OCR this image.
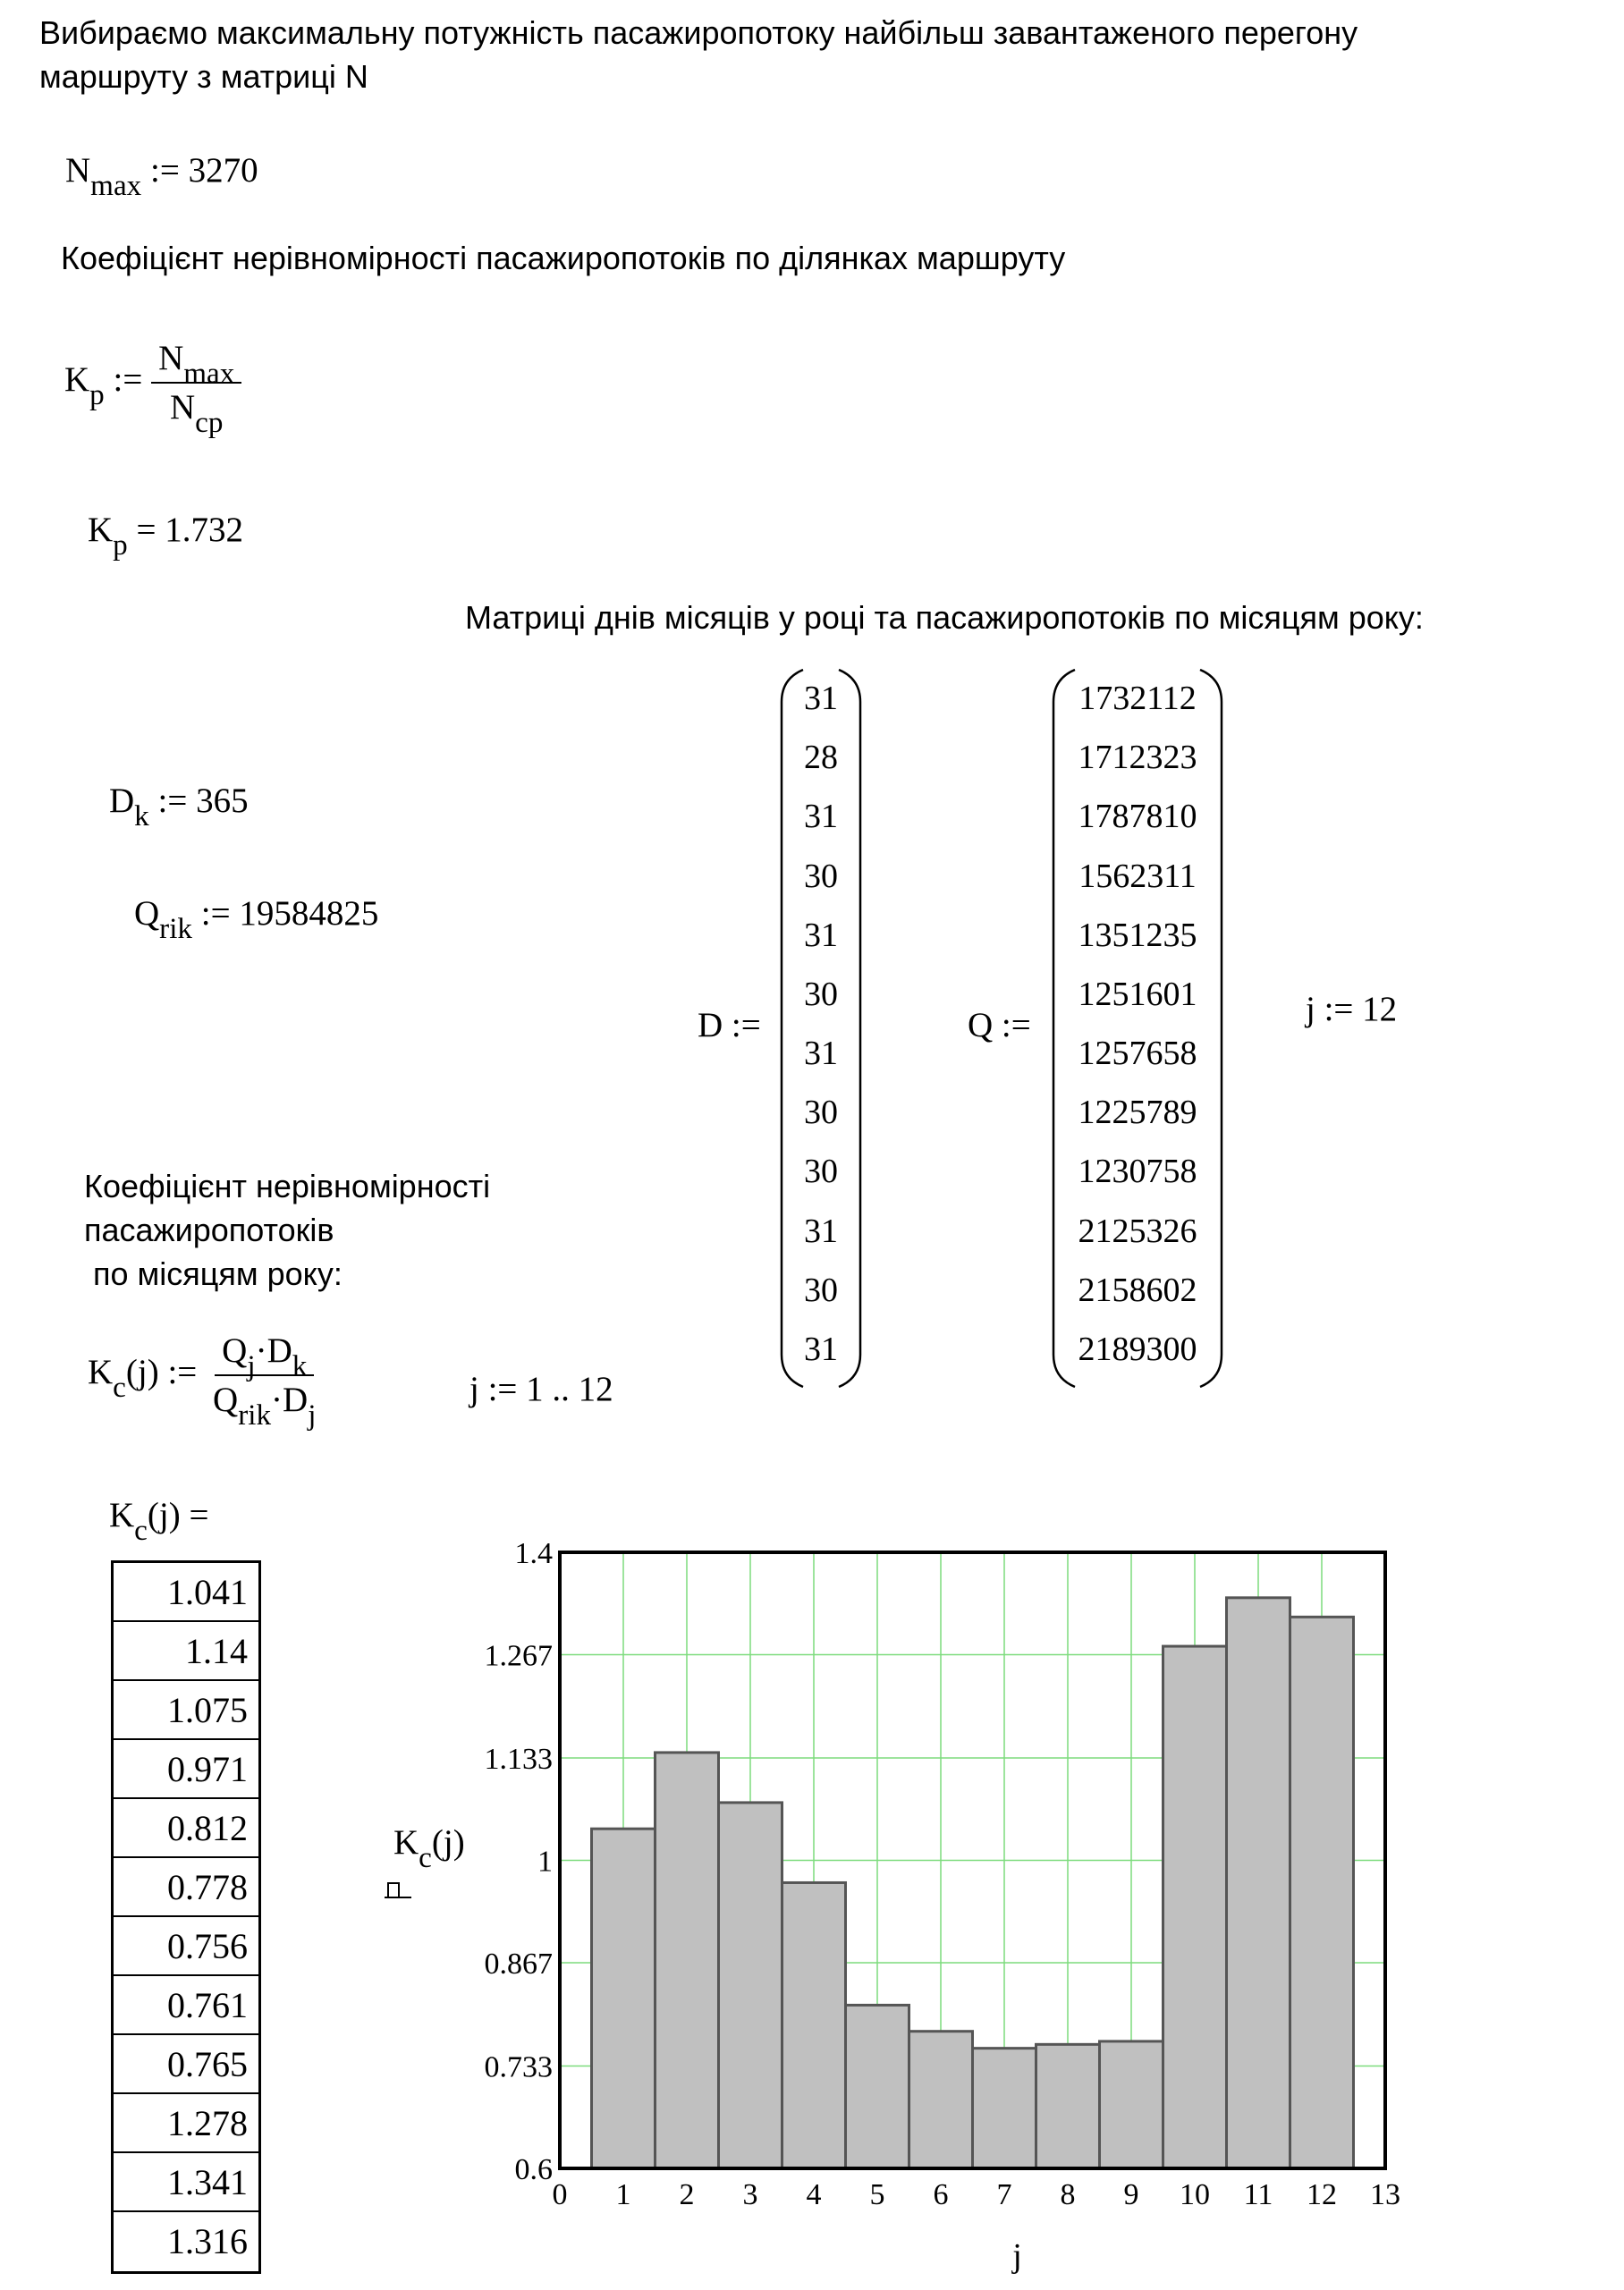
Вибираємо максимальну потужність пасажиропотоку найбільш завантаженого перегону
маршруту з матриці N
$N_{max}$ := 3270
Коефіцієнт нерівномірності пасажиропотоків по ділянках маршруту
$K_p$ := $\frac{N_{max}}{N_{cp}}$
$K_p = 1.732$
Матриці днів місяців у році та пасажиропотоків по місяцям року:
$D_k$ := 365
$Q_{rik}$ := 19584825
D :=
31
28
31
30
31
30
31
30
30
31
30
31
Q :=
1732112
1712323
1787810
1562311
1351235
1251601
1257658
1225789
1230758
2125326
2158602
2189300
j := 12
Коефіцієнт нерівномірності
пасажиропотоків
по місяцям року:
$K_c(j)$ := $\frac{Q_j\cdot D_k}{Q_{rik}\cdot D_j}$	j := 1 .. 12
$K_c(j)$ =
1.041
1.14
1.075
0.971
0.812
0.778
0.756
0.761
0.765
1.278
1.341
1.316
0.6
0.733
0.867
1
1.133
1.267
1.4
0 1 2 3 4 5 6 7 8 9 10 11 12 13
j
$K_c(j)$
